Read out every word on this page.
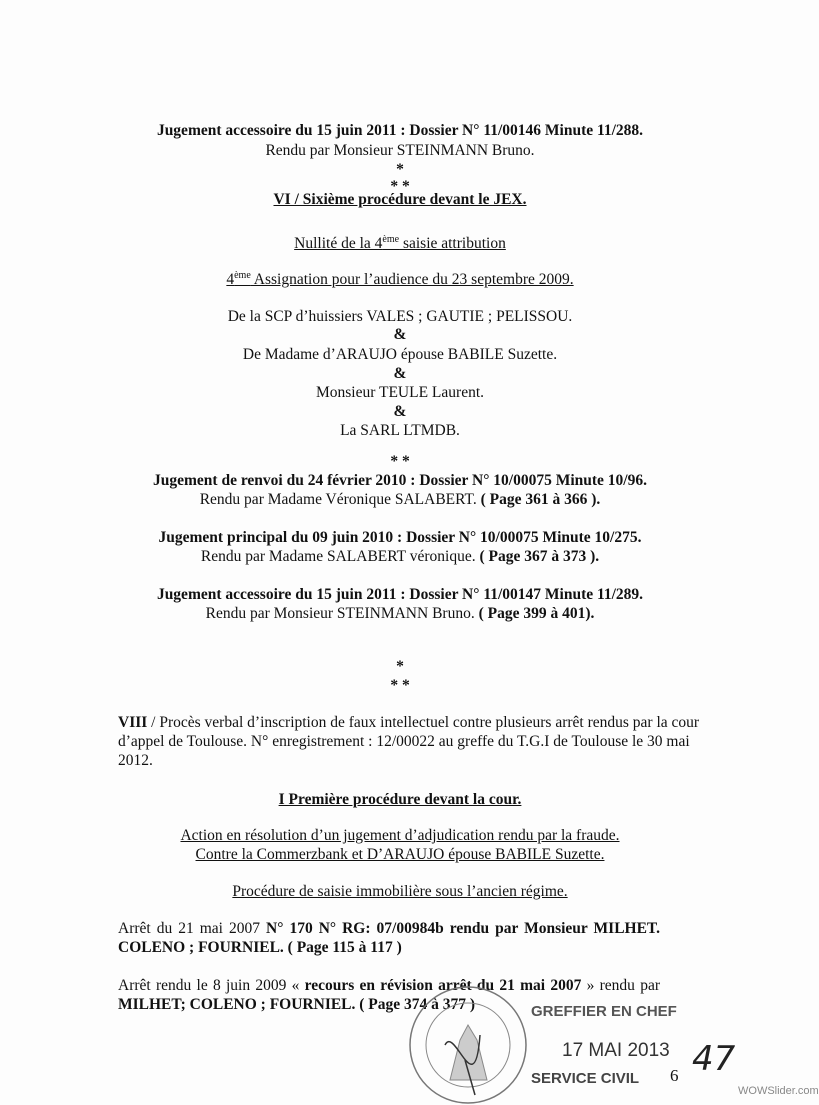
Jugement accessoire du 15 juin 2011 : Dossier N° 11/00146 Minute 11/288.
Rendu par Monsieur STEINMANN Bruno.
*
* *
VI / Sixième procédure devant le JEX.
Nullité de la 4ème saisie attribution
4ème Assignation pour l’audience du 23 septembre 2009.
De la SCP d’huissiers VALES ; GAUTIE ; PELISSOU.
&
De Madame d’ARAUJO épouse BABILE Suzette.
&
Monsieur TEULE Laurent.
&
La SARL LTMDB.
* *
Jugement de renvoi du 24 février 2010 : Dossier N° 10/00075 Minute 10/96.
Rendu par Madame Véronique SALABERT. ( Page 361 à 366 ).
Jugement principal du 09 juin 2010 : Dossier N° 10/00075 Minute 10/275.
Rendu par Madame SALABERT véronique. ( Page 367 à 373 ).
Jugement accessoire du 15 juin 2011 : Dossier N° 11/00147 Minute 11/289.
Rendu par Monsieur STEINMANN Bruno. ( Page 399 à 401).
*
* *
VIII / Procès verbal d’inscription de faux intellectuel contre plusieurs arrêt rendus par la cour
d’appel de Toulouse. N° enregistrement : 12/00022 au greffe du T.G.I de Toulouse le 30 mai
2012.
I Première procédure devant la cour.
Action en résolution d’un jugement d’adjudication rendu par la fraude.
Contre la Commerzbank et D’ARAUJO épouse BABILE Suzette.
Procédure de saisie immobilière sous l’ancien régime.
Arrêt du 21 mai 2007 N° 170 N° RG: 07/00984b rendu par Monsieur MILHET.
COLENO ; FOURNIEL. ( Page 115 à 117 )
Arrêt rendu le 8 juin 2009 « recours en révision arrêt du 21 mai 2007 » rendu par
MILHET; COLENO ; FOURNIEL. ( Page 374 à 377 )	GREFFIER EN CHEF
17 MAI 2013
SERVICE CIVIL 6 47
WOWSlider.com
